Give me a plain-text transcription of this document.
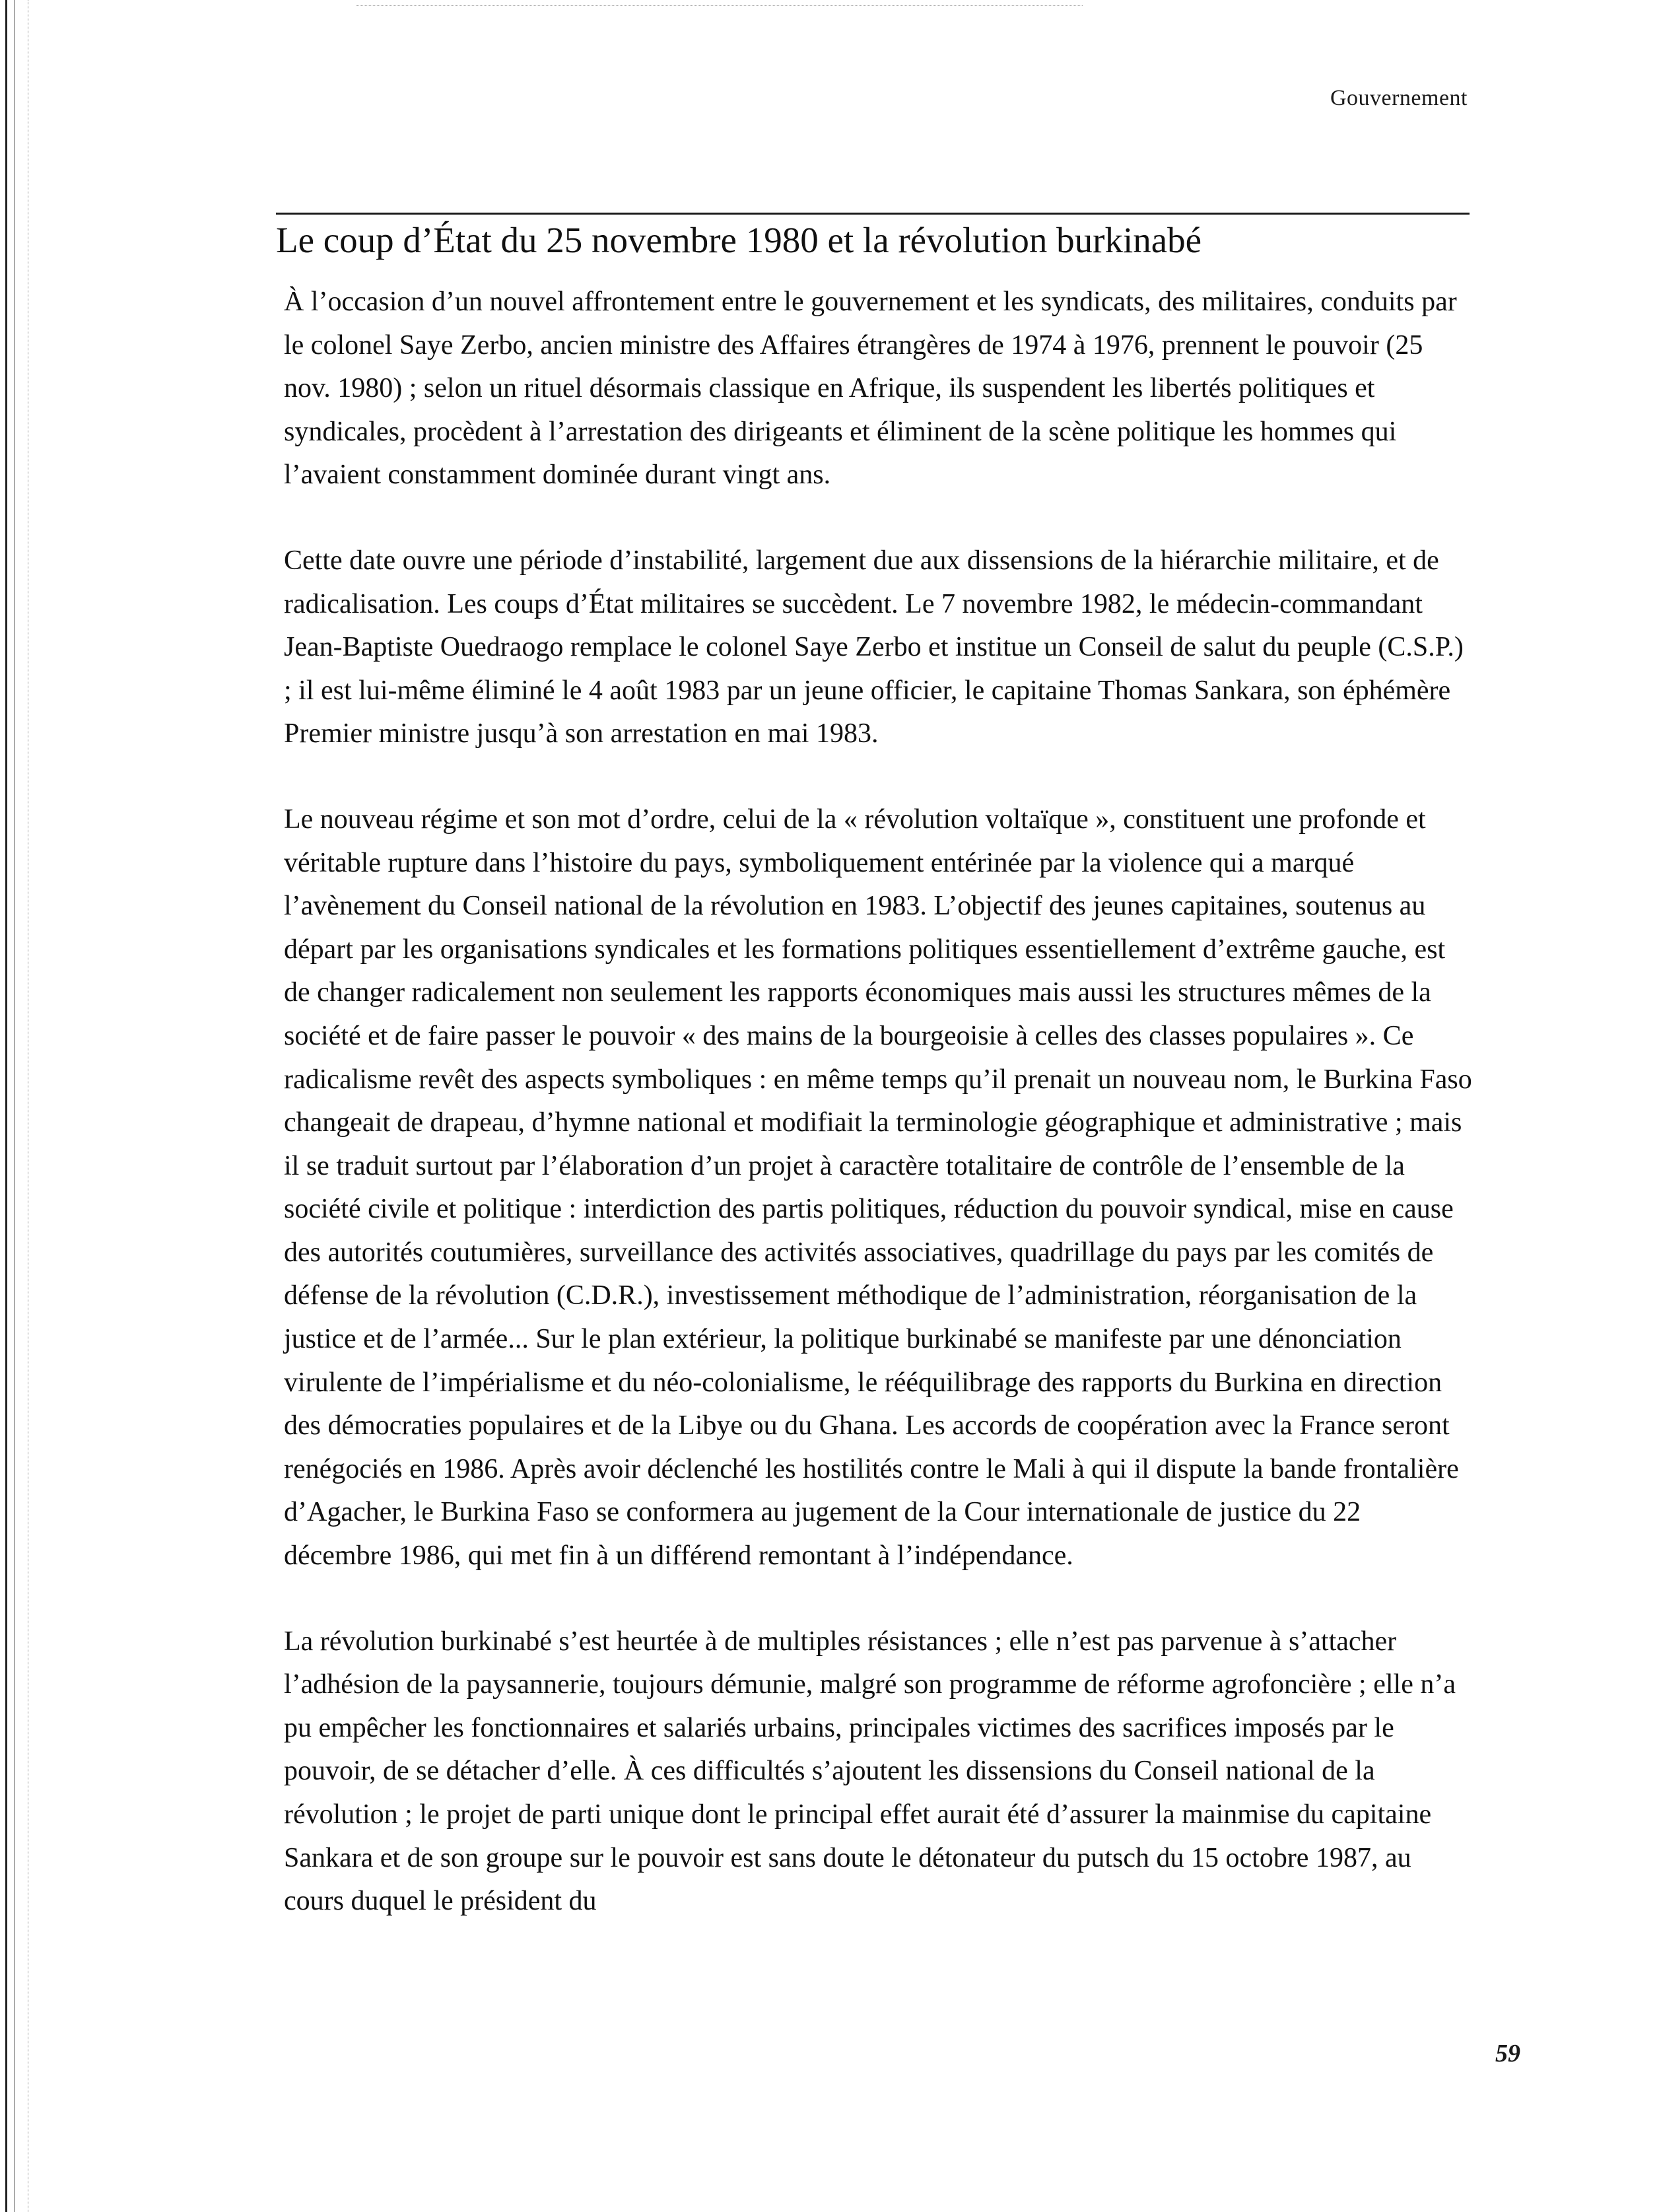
Gouvernement
Le coup d’État du 25 novembre 1980 et la révolution burkinabé

À l’occasion d’un nouvel affrontement entre le gouvernement et les syndicats, des militaires, conduits par le colonel Saye Zerbo, ancien ministre des Affaires étrangères de 1974 à 1976, prennent le pouvoir (25 nov. 1980) ; selon un rituel désormais classique en Afrique, ils suspendent les libertés politiques et syndicales, procèdent à l’arrestation des dirigeants et éliminent de la scène politique les hommes qui l’avaient constamment dominée durant vingt ans.

Cette date ouvre une période d’instabilité, largement due aux dissensions de la hiérarchie militaire, et de radicalisation. Les coups d’État militaires se succèdent. Le 7 novembre 1982, le médecin-commandant Jean-Baptiste Ouedraogo remplace le colonel Saye Zerbo et institue un Conseil de salut du peuple (C.S.P.) ; il est lui-même éliminé le 4 août 1983 par un jeune officier, le capitaine Thomas Sankara, son éphémère Premier ministre jusqu’à son arrestation en mai 1983.

Le nouveau régime et son mot d’ordre, celui de la « révolution voltaïque », constituent une profonde et véritable rupture dans l’histoire du pays, symboliquement entérinée par la violence qui a marqué l’avènement du Conseil national de la révolution en 1983. L’objectif des jeunes capitaines, soutenus au départ par les organisations syndicales et les formations politiques essentiellement d’extrême gauche, est de changer radicalement non seulement les rapports économiques mais aussi les structures mêmes de la société et de faire passer le pouvoir « des mains de la bourgeoisie à celles des classes populaires ». Ce radicalisme revêt des aspects symboliques : en même temps qu’il prenait un nouveau nom, le Burkina Faso changeait de drapeau, d’hymne national et modifiait la terminologie géographique et administrative ; mais il se traduit surtout par l’élaboration d’un projet à caractère totalitaire de contrôle de l’ensemble de la société civile et politique : interdiction des partis politiques, réduction du pouvoir syndical, mise en cause des autorités coutumières, surveillance des activités associatives, quadrillage du pays par les comités de défense de la révolution (C.D.R.), investissement méthodique de l’administration, réorganisation de la justice et de l’armée... Sur le plan extérieur, la politique burkinabé se manifeste par une dénonciation virulente de l’impérialisme et du néo-colonialisme, le rééquilibrage des rapports du Burkina en direction des démocraties populaires et de la Libye ou du Ghana. Les accords de coopération avec la France seront renégociés en 1986. Après avoir déclenché les hostilités contre le Mali à qui il dispute la bande frontalière d’Agacher, le Burkina Faso se conformera au jugement de la Cour internationale de justice du 22 décembre 1986, qui met fin à un différend remontant à l’indépendance.

La révolution burkinabé s’est heurtée à de multiples résistances ; elle n’est pas parvenue à s’attacher l’adhésion de la paysannerie, toujours démunie, malgré son programme de réforme agrofoncière ; elle n’a pu empêcher les fonctionnaires et salariés urbains, principales victimes des sacrifices imposés par le pouvoir, de se détacher d’elle. À ces difficultés s’ajoutent les dissensions du Conseil national de la révolution ; le projet de parti unique dont le principal effet aurait été d’assurer la mainmise du capitaine Sankara et de son groupe sur le pouvoir est sans doute le détonateur du putsch du 15 octobre 1987, au cours duquel le président du

59
